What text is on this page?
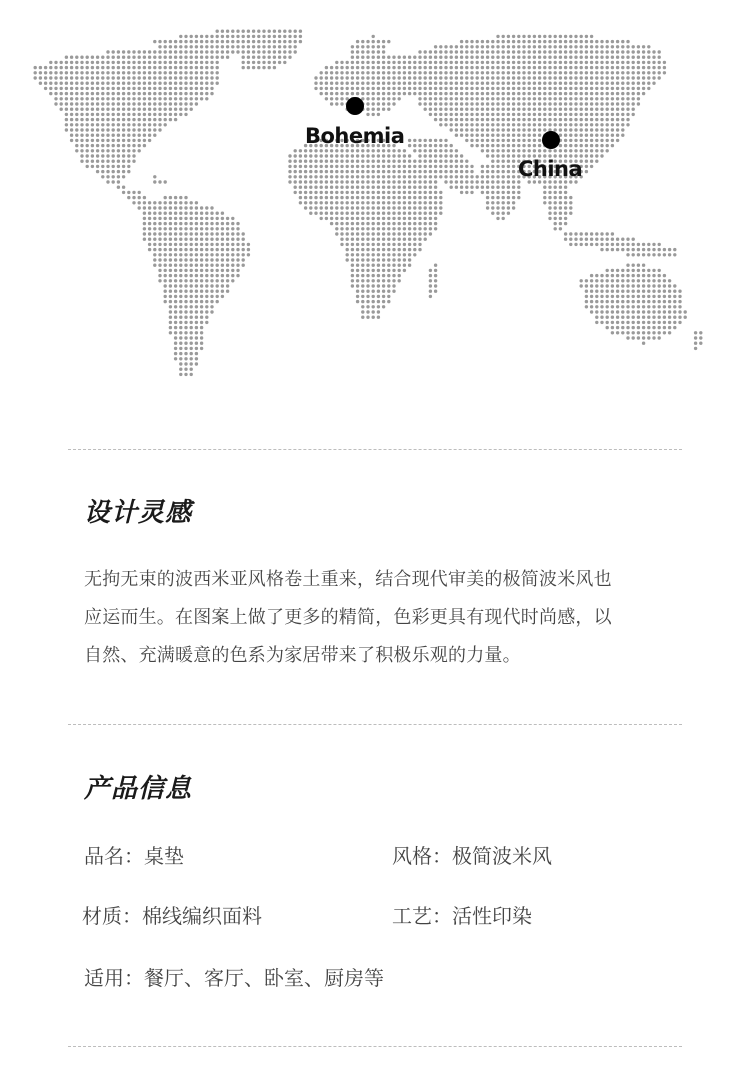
Bohemia
China
设计灵感
无拘无束的波西米亚风格卷土重来，结合现代审美的极简波米风也
应运而生。在图案上做了更多的精简，色彩更具有现代时尚感，以
自然、充满暖意的色系为家居带来了积极乐观的力量。
产品信息
品名：桌垫	风格：极简波米风
材质：棉线编织面料	工艺：活性印染
适用：餐厅、客厅、卧室、厨房等
